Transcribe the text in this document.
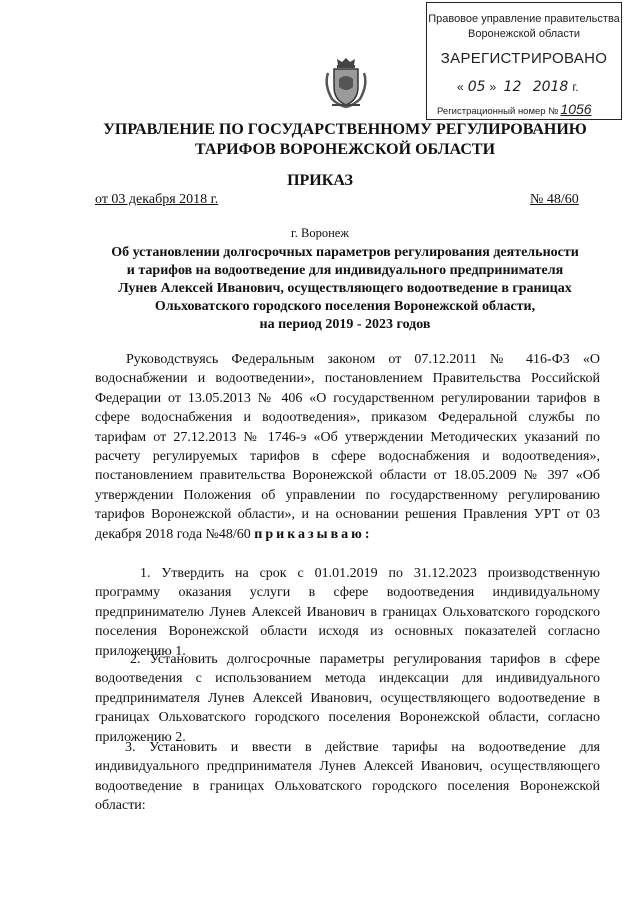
Правовое управление правительства
Воронежской области
ЗАРЕГИСТРИРОВАНО
« 05 » 12 2018 г.
Регистрационный номер № 1056
УПРАВЛЕНИЕ ПО ГОСУДАРСТВЕННОМУ РЕГУЛИРОВАНИЮ
ТАРИФОВ ВОРОНЕЖСКОЙ ОБЛАСТИ
ПРИКАЗ
от 03 декабря 2018 г.	№ 48/60
г. Воронеж
Об установлении долгосрочных параметров регулирования деятельности
и тарифов на водоотведение для индивидуального предпринимателя
Лунев Алексей Иванович, осуществляющего водоотведение в границах
Ольховатского городского поселения Воронежской области,
на период 2019 - 2023 годов
Руководствуясь Федеральным законом от 07.12.2011 № 416-ФЗ «О водоснабжении и водоотведении», постановлением Правительства Российской Федерации от 13.05.2013 № 406 «О государственном регулировании тарифов в сфере водоснабжения и водоотведения», приказом Федеральной службы по тарифам от 27.12.2013 № 1746-э «Об утверждении Методических указаний по расчету регулируемых тарифов в сфере водоснабжения и водоотведения», постановлением правительства Воронежской области от 18.05.2009 № 397 «Об утверждении Положения об управлении по государственному регулированию тарифов Воронежской области», и на основании решения Правления УРТ от 03 декабря 2018 года №48/60 приказываю:
1. Утвердить на срок с 01.01.2019 по 31.12.2023 производственную программу оказания услуги в сфере водоотведения индивидуальному предпринимателю Лунев Алексей Иванович в границах Ольховатского городского поселения Воронежской области исходя из основных показателей согласно приложению 1.
2. Установить долгосрочные параметры регулирования тарифов в сфере водоотведения с использованием метода индексации для индивидуального предпринимателя Лунев Алексей Иванович, осуществляющего водоотведение в границах Ольховатского городского поселения Воронежской области, согласно приложению 2.
3. Установить и ввести в действие тарифы на водоотведение для индивидуального предпринимателя Лунев Алексей Иванович, осуществляющего водоотведение в границах Ольховатского городского поселения Воронежской области:
